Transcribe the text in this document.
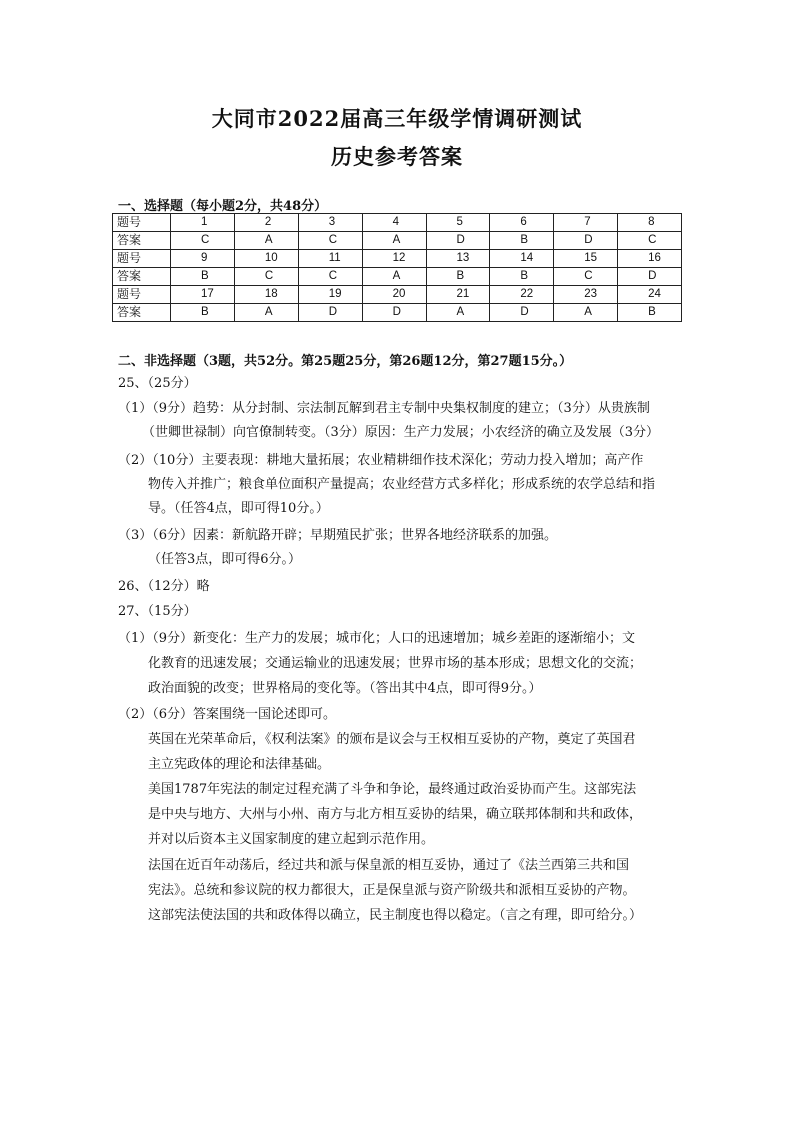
大同市2022届高三年级学情调研测试
历史参考答案
一、选择题（每小题2分，共48分）
题号	1	2	3	4	5	6	7	8
答案	C	A	C	A	D	B	D	C
题号	9	10	11	12	13	14	15	16
答案	B	C	C	A	B	B	C	D
题号	17	18	19	20	21	22	23	24
答案	B	A	D	D	A	D	A	B
二、非选择题（3题，共52分。第25题25分，第26题12分，第27题15分。）
25、（25分）
（1）（9分）趋势：从分封制、宗法制瓦解到君主专制中央集权制度的建立；（3分）从贵族制
（世卿世禄制）向官僚制转变。（3分）原因：生产力发展；小农经济的确立及发展（3分）
（2）（10分）主要表现：耕地大量拓展；农业精耕细作技术深化；劳动力投入增加；高产作
物传入并推广；粮食单位面积产量提高；农业经营方式多样化；形成系统的农学总结和指
导。（任答4点，即可得10分。）
（3）（6分）因素：新航路开辟；早期殖民扩张；世界各地经济联系的加强。
（任答3点，即可得6分。）
26、（12分）略
27、（15分）
（1）（9分）新变化：生产力的发展；城市化；人口的迅速增加；城乡差距的逐渐缩小；文
化教育的迅速发展；交通运输业的迅速发展；世界市场的基本形成；思想文化的交流；
政治面貌的改变；世界格局的变化等。（答出其中4点，即可得9分。）
（2）（6分）答案围绕一国论述即可。
英国在光荣革命后，《权利法案》的颁布是议会与王权相互妥协的产物，奠定了英国君
主立宪政体的理论和法律基础。
美国1787年宪法的制定过程充满了斗争和争论，最终通过政治妥协而产生。这部宪法
是中央与地方、大州与小州、南方与北方相互妥协的结果，确立联邦体制和共和政体，
并对以后资本主义国家制度的建立起到示范作用。
法国在近百年动荡后，经过共和派与保皇派的相互妥协，通过了《法兰西第三共和国
宪法》。总统和参议院的权力都很大，正是保皇派与资产阶级共和派相互妥协的产物。
这部宪法使法国的共和政体得以确立，民主制度也得以稳定。（言之有理，即可给分。）
